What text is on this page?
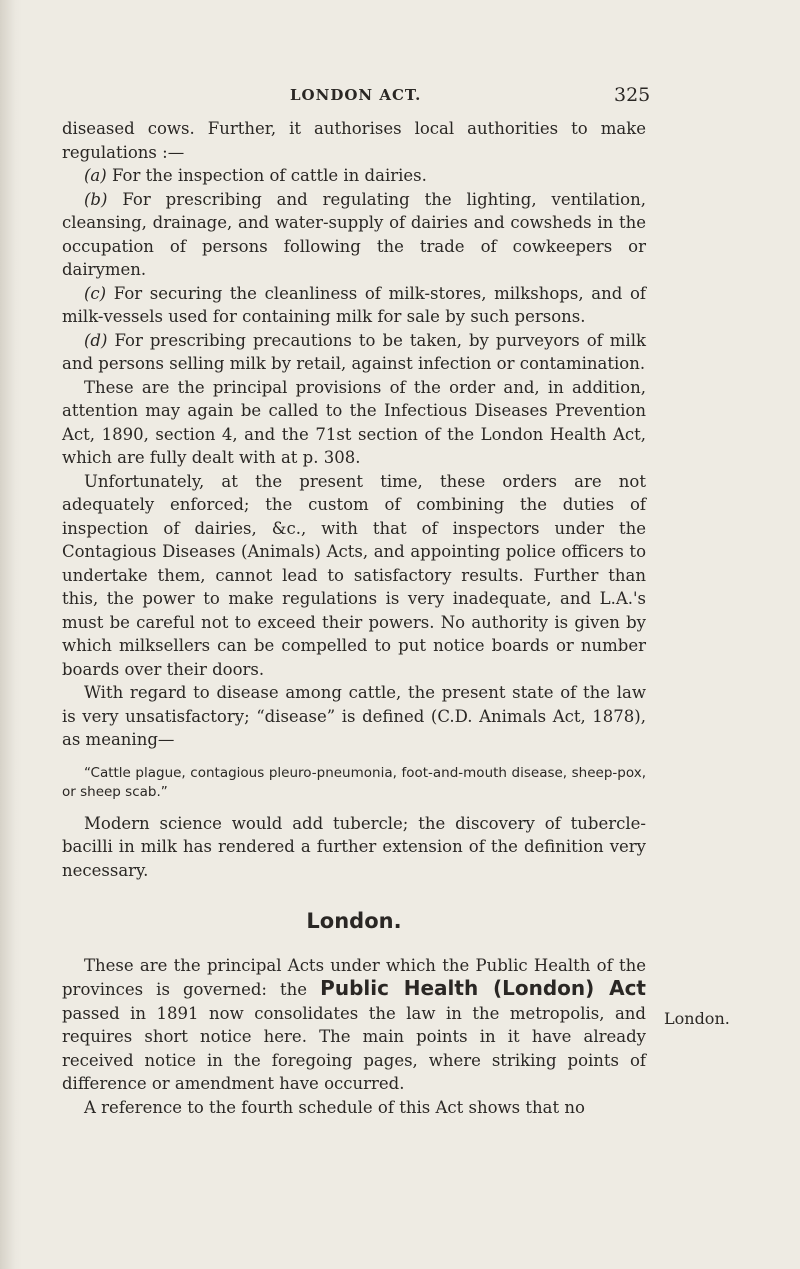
LONDON ACT.	325

diseased cows. Further, it authorises local authorities to make regulations :—

(a) For the inspection of cattle in dairies.

(b) For prescribing and regulating the lighting, ventilation, cleansing, drainage, and water-supply of dairies and cowsheds in the occupation of persons following the trade of cowkeepers or dairymen.

(c) For securing the cleanliness of milk-stores, milkshops, and of milk-vessels used for containing milk for sale by such persons.

(d) For prescribing precautions to be taken, by purveyors of milk and persons selling milk by retail, against infection or contamination.

These are the principal provisions of the order and, in addition, attention may again be called to the Infectious Diseases Prevention Act, 1890, section 4, and the 71st section of the London Health Act, which are fully dealt with at p. 308.

Unfortunately, at the present time, these orders are not adequately enforced; the custom of combining the duties of inspection of dairies, &c., with that of inspectors under the Contagious Diseases (Animals) Acts, and appointing police officers to undertake them, cannot lead to satisfactory results. Further than this, the power to make regulations is very inadequate, and L.A.'s must be careful not to exceed their powers. No authority is given by which milksellers can be compelled to put notice boards or number boards over their doors.

With regard to disease among cattle, the present state of the law is very unsatisfactory; “disease” is defined (C.D. Animals Act, 1878), as meaning—

“Cattle plague, contagious pleuro-pneumonia, foot-and-mouth disease, sheep-pox, or sheep scab.”

Modern science would add tubercle; the discovery of tubercle-bacilli in milk has rendered a further extension of the definition very necessary.

London.

These are the principal Acts under which the Public Health of the provinces is governed: the Public Health (London) Act passed in 1891 now consolidates the law in the metropolis, and requires short notice here. The main points in it have already received notice in the foregoing pages, where striking points of difference or amendment have occurred.

A reference to the fourth schedule of this Act shows that no

London.
